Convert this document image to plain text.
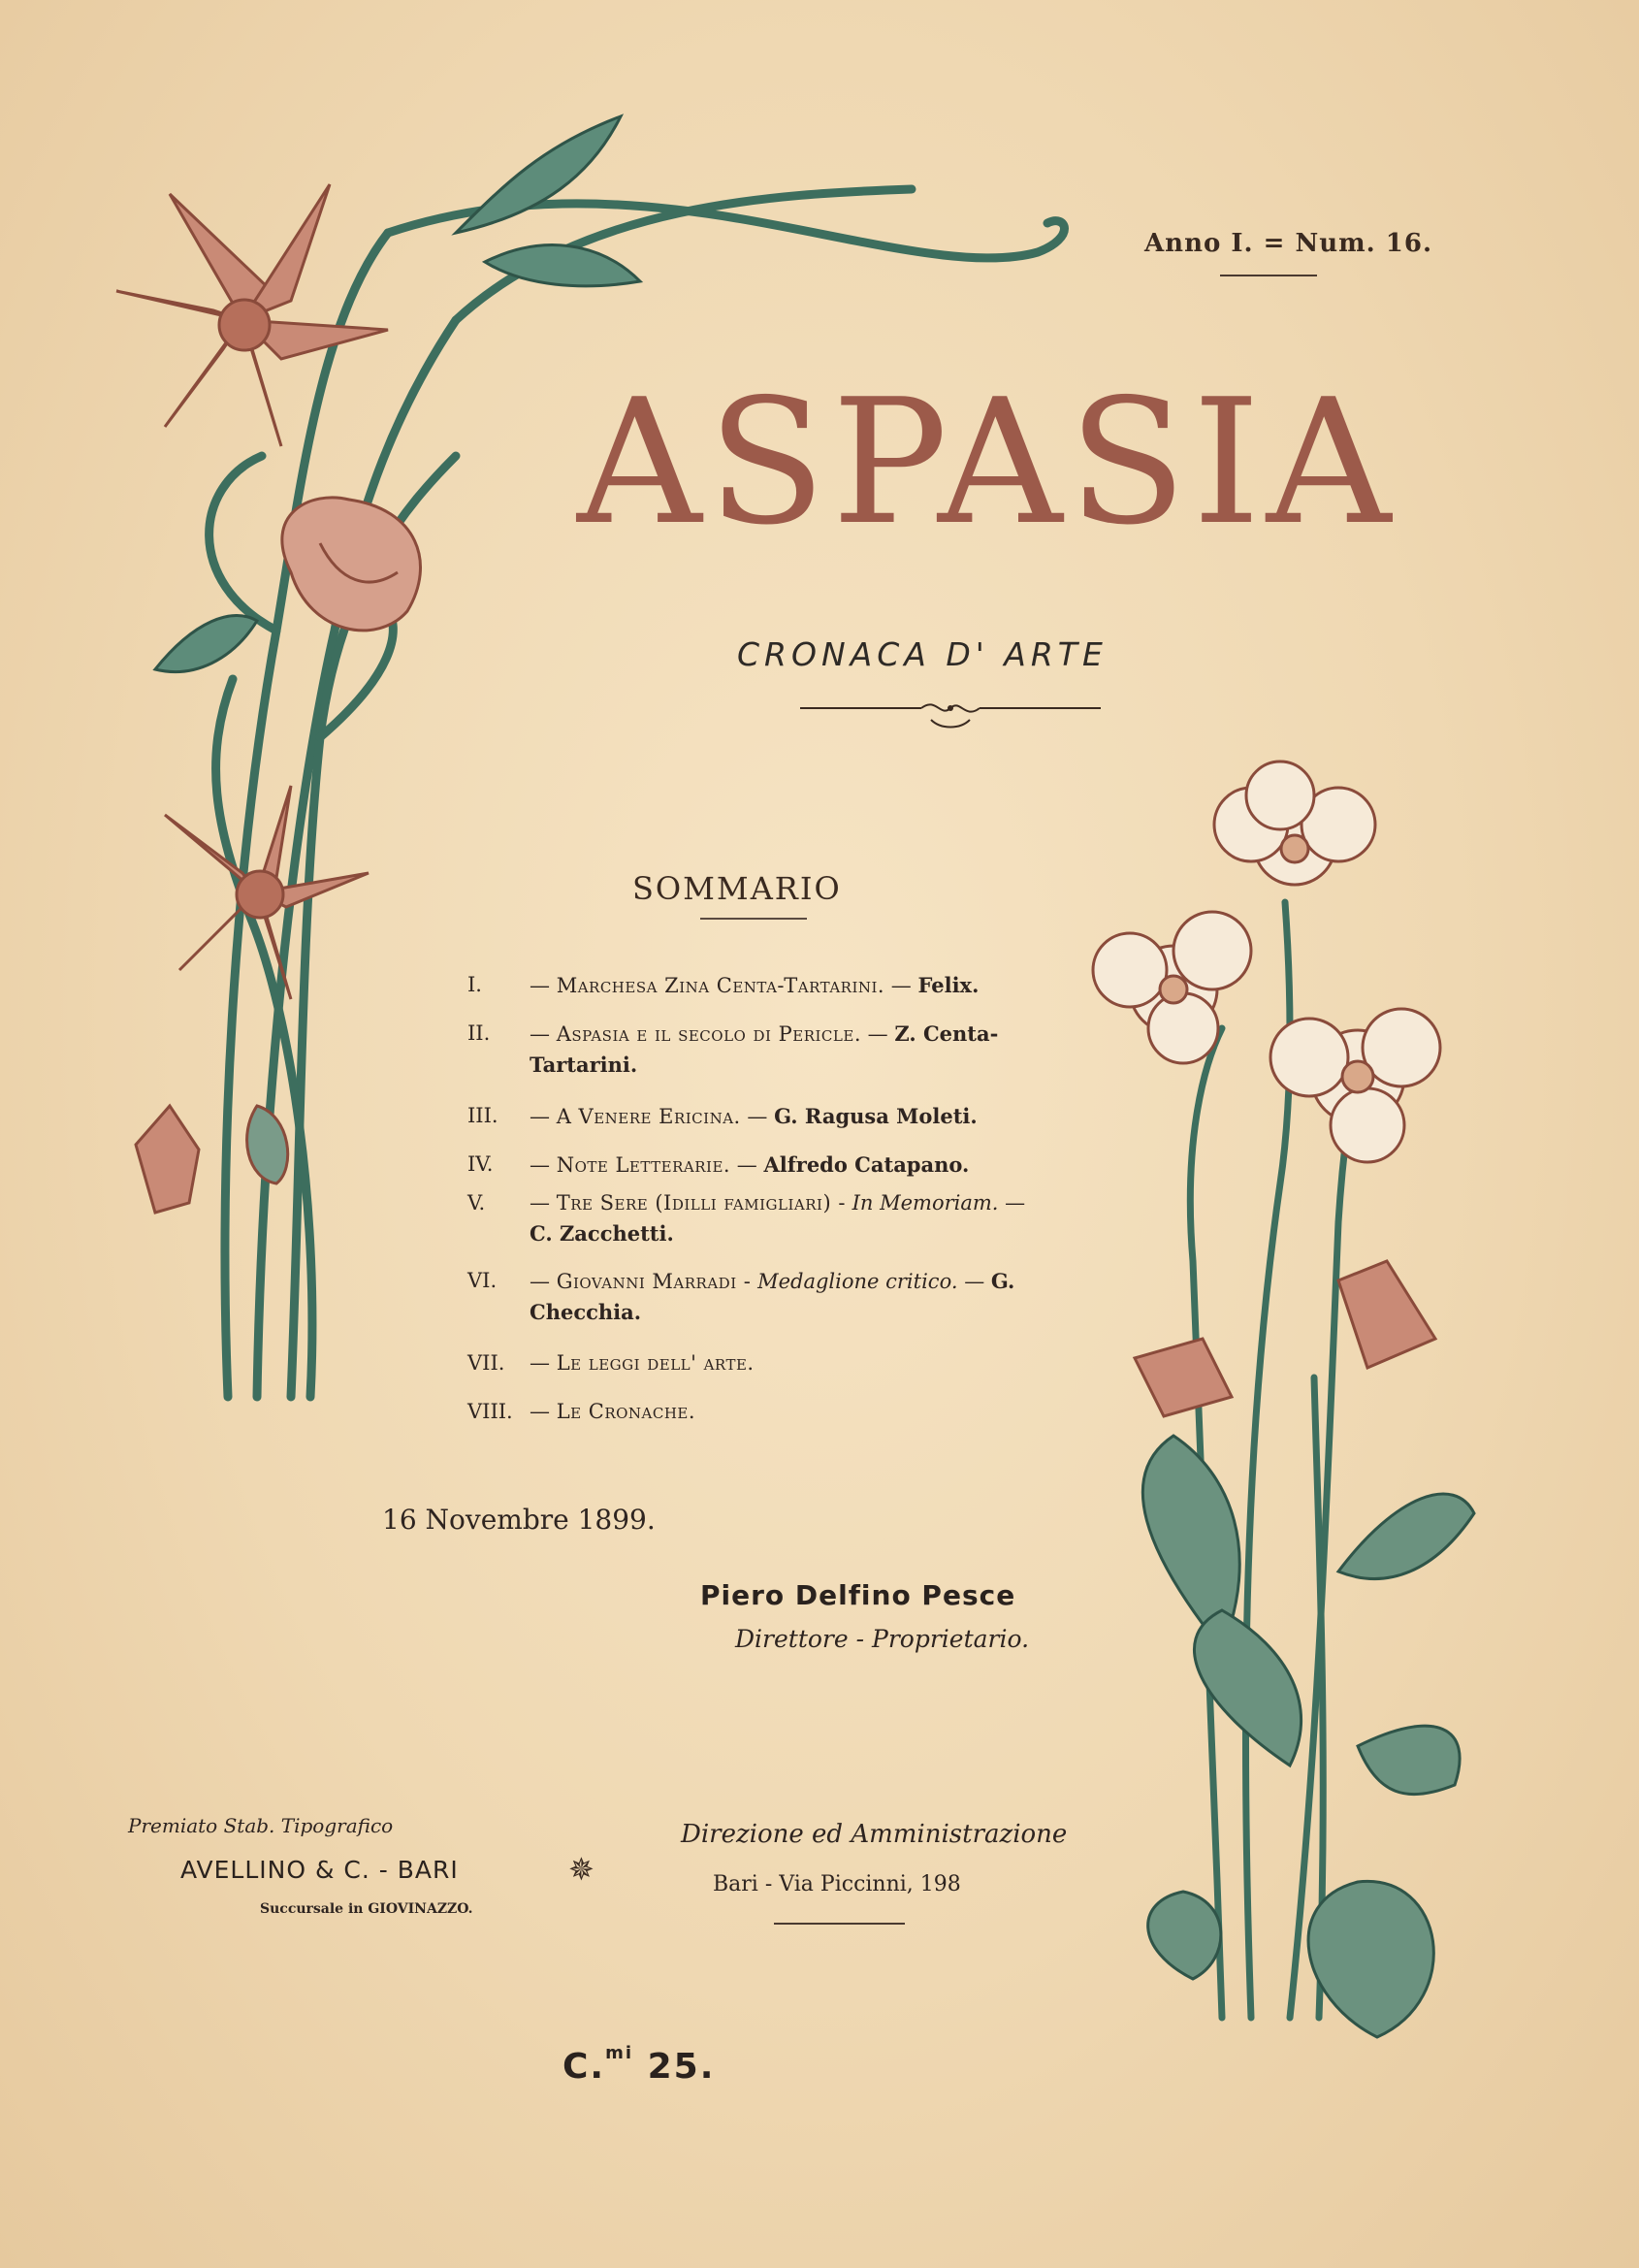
Anno I. = Num. 16.
ASPASIA
CRONACA D' ARTE
SOMMARIO
I.	— Marchesa Zina Centa-Tartarini. — Felix.
II.	— Aspasia e il secolo di Pericle. — Z. Centa-Tartarini.
III.	— A Venere Ericina. — G. Ragusa Moleti.
IV.	— Note Letterarie. — Alfredo Catapano.
V.	— Tre Sere (Idilli famigliari) - In Memoriam. — C. Zacchetti.
VI.	— Giovanni Marradi - Medaglione critico. — G. Checchia.
VII.	— Le leggi dell' arte.
VIII. — Le Cronache.
16 Novembre 1899.
Piero Delfino Pesce
Direttore - Proprietario.
Premiato Stab. Tipografico
AVELLINO & C. - BARI
Succursale in GIOVINAZZO.
✵
Direzione ed Amministrazione
Bari - Via Piccinni, 198
C.$^{mi}$ 25.
